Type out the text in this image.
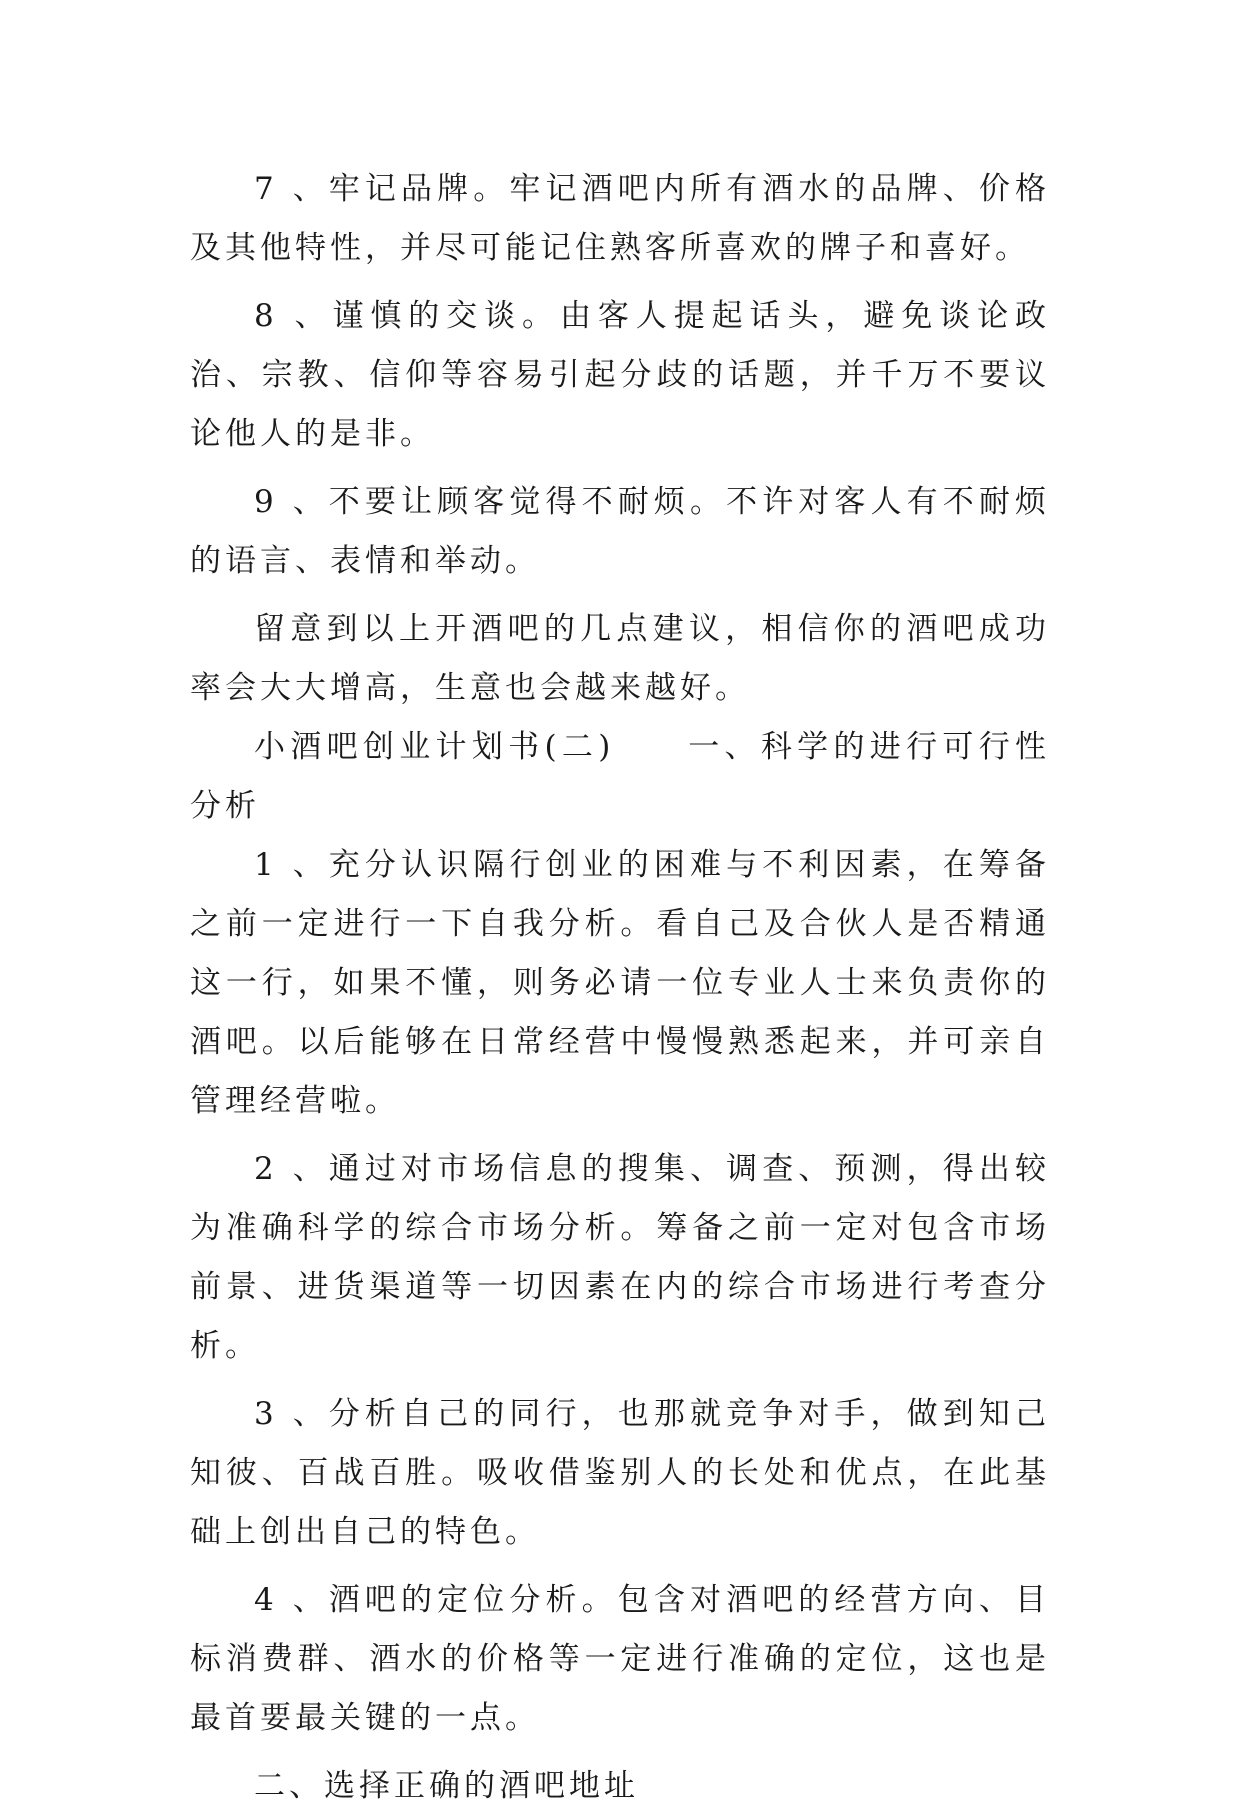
7 、牢记品牌。牢记酒吧内所有酒水的品牌、价格及其他特性，并尽可能记住熟客所喜欢的牌子和喜好。

8 、谨慎的交谈。由客人提起话头，避免谈论政治、宗教、信仰等容易引起分歧的话题，并千万不要议论他人的是非。

9 、不要让顾客觉得不耐烦。不许对客人有不耐烦的语言、表情和举动。

留意到以上开酒吧的几点建议，相信你的酒吧成功率会大大增高，生意也会越来越好。

小酒吧创业计划书(二)　　一、科学的进行可行性分析

1 、充分认识隔行创业的困难与不利因素，在筹备之前一定进行一下自我分析。看自己及合伙人是否精通这一行，如果不懂，则务必请一位专业人士来负责你的酒吧。以后能够在日常经营中慢慢熟悉起来，并可亲自管理经营啦。

2 、通过对市场信息的搜集、调查、预测，得出较为准确科学的综合市场分析。筹备之前一定对包含市场前景、进货渠道等一切因素在内的综合市场进行考查分析。

3 、分析自己的同行，也那就竞争对手，做到知己知彼、百战百胜。吸收借鉴别人的长处和优点，在此基础上创出自己的特色。

4 、酒吧的定位分析。包含对酒吧的经营方向、目标消费群、酒水的价格等一定进行准确的定位，这也是最首要最关键的一点。

二、选择正确的酒吧地址
